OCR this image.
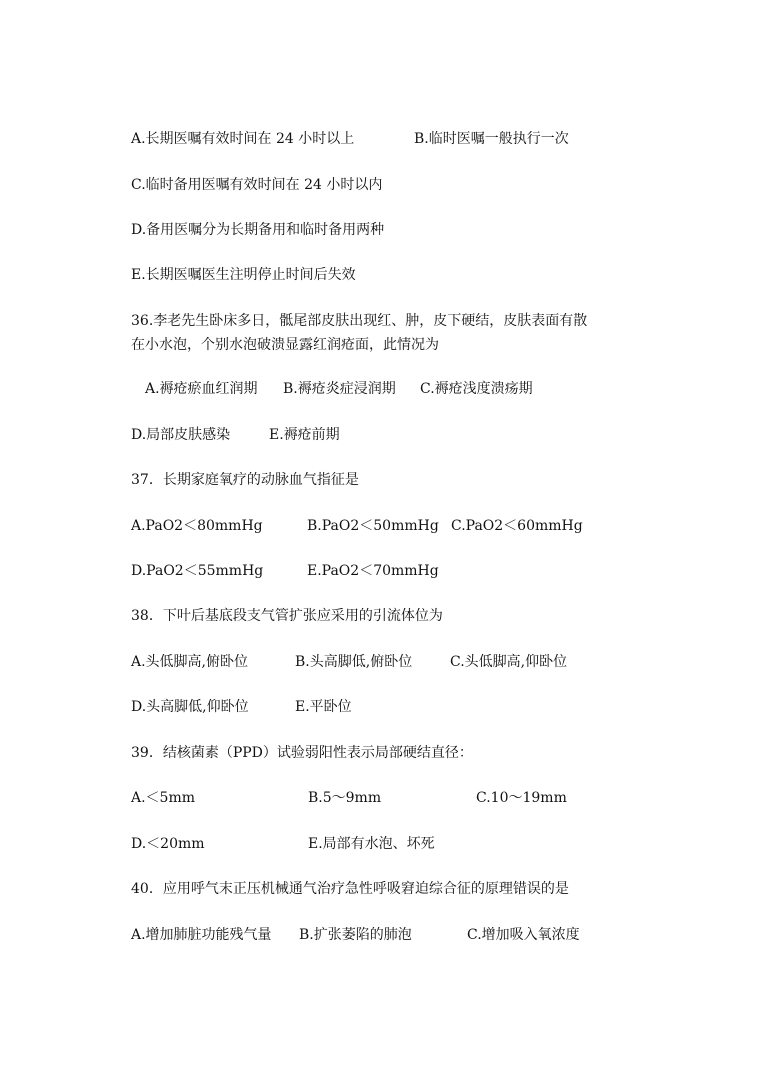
A.长期医嘱有效时间在 24 小时以上	B.临时医嘱一般执行一次
C.临时备用医嘱有效时间在 24 小时以内
D.备用医嘱分为长期备用和临时备用两种
E.长期医嘱医生注明停止时间后失效
36.李老先生卧床多日，骶尾部皮肤出现红、肿，皮下硬结，皮肤表面有散
在小水泡，个别水泡破溃显露红润疮面，此情况为
A.褥疮瘀血红润期 B.褥疮炎症浸润期 C.褥疮浅度溃疡期
D.局部皮肤感染	E.褥疮前期
37．长期家庭氧疗的动脉血气指征是
A.PaO2＜80mmHg	B.PaO2＜50mmHg C.PaO2＜60mmHg
D.PaO2＜55mmHg	E.PaO2＜70mmHg
38．下叶后基底段支气管扩张应采用的引流体位为
A.头低脚高,俯卧位	B.头高脚低,俯卧位	C.头低脚高,仰卧位
D.头高脚低,仰卧位	E.平卧位
39．结核菌素（PPD）试验弱阳性表示局部硬结直径：
A.＜5mm	B.5～9mm	C.10～19mm
D.＜20mm	E.局部有水泡、坏死
40．应用呼气末正压机械通气治疗急性呼吸窘迫综合征的原理错误的是
A.增加肺脏功能残气量 B.扩张萎陷的肺泡	C.增加吸入氧浓度
